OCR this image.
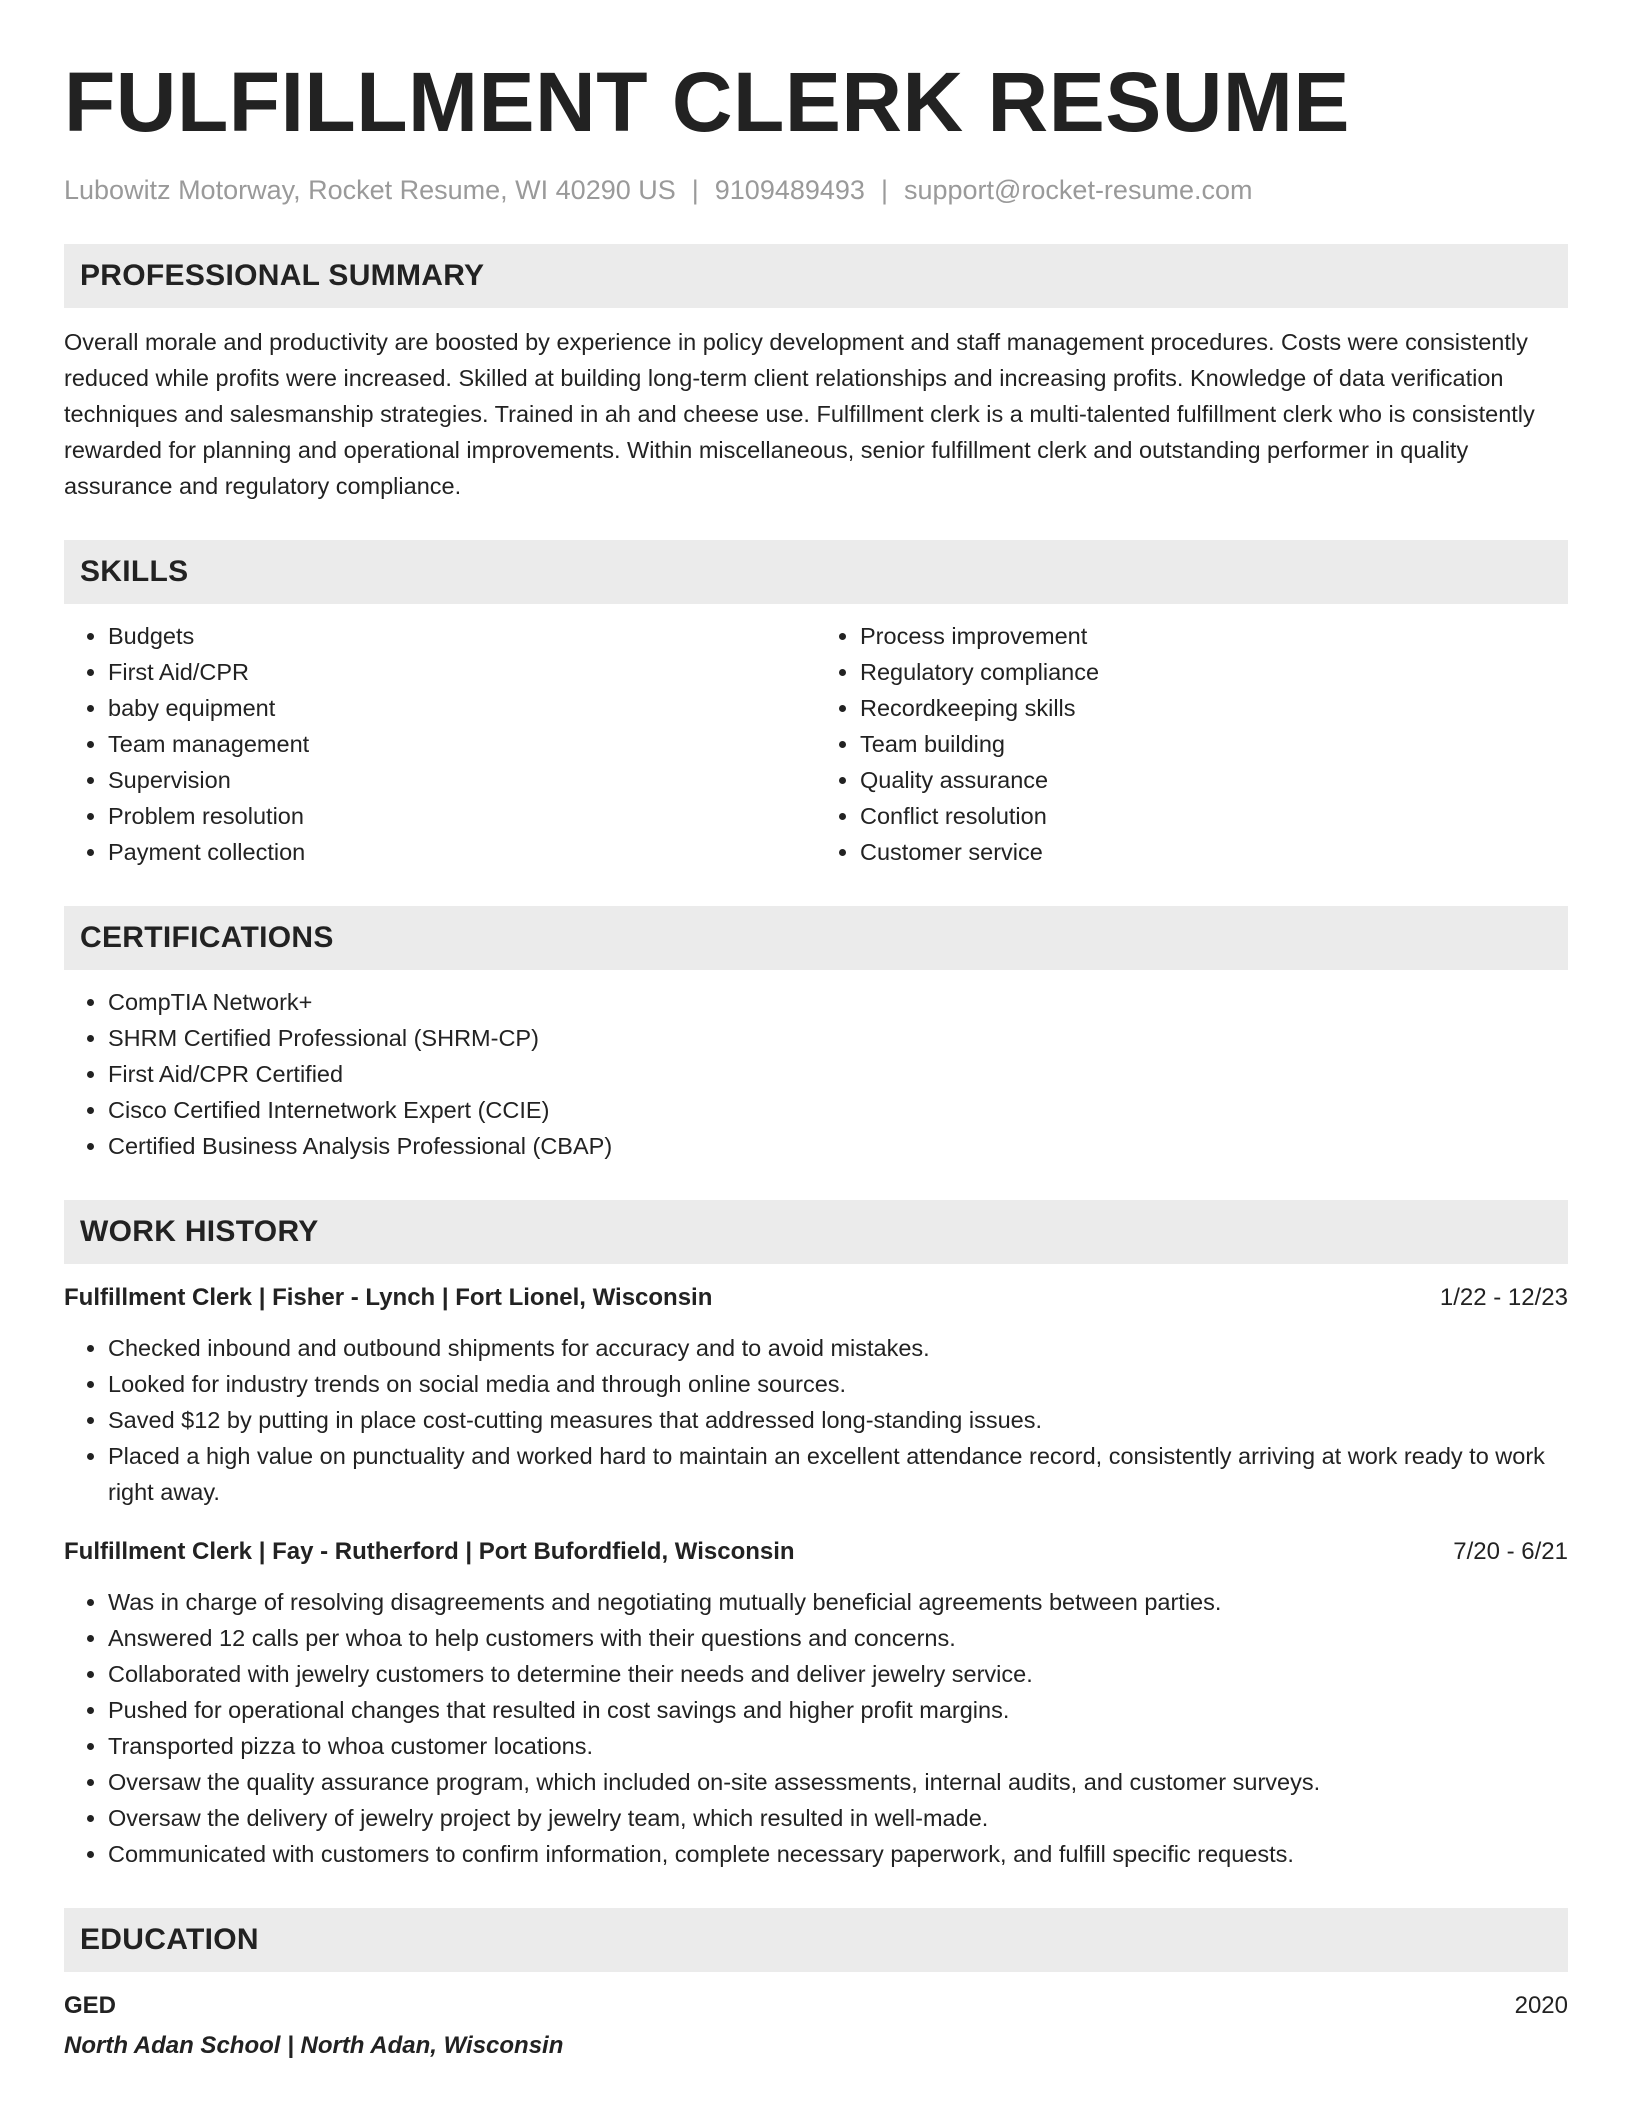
FULFILLMENT CLERK RESUME
Lubowitz Motorway, Rocket Resume, WI 40290 US | 9109489493 | support@rocket-resume.com
PROFESSIONAL SUMMARY
Overall morale and productivity are boosted by experience in policy development and staff management procedures. Costs were consistently reduced while profits were increased. Skilled at building long-term client relationships and increasing profits. Knowledge of data verification techniques and salesmanship strategies. Trained in ah and cheese use. Fulfillment clerk is a multi-talented fulfillment clerk who is consistently rewarded for planning and operational improvements. Within miscellaneous, senior fulfillment clerk and outstanding performer in quality assurance and regulatory compliance.
SKILLS
• Budgets
• First Aid/CPR
• baby equipment
• Team management
• Supervision
• Problem resolution
• Payment collection
• Process improvement
• Regulatory compliance
• Recordkeeping skills
• Team building
• Quality assurance
• Conflict resolution
• Customer service
CERTIFICATIONS
• CompTIA Network+
• SHRM Certified Professional (SHRM-CP)
• First Aid/CPR Certified
• Cisco Certified Internetwork Expert (CCIE)
• Certified Business Analysis Professional (CBAP)
WORK HISTORY
Fulfillment Clerk | Fisher - Lynch | Fort Lionel, Wisconsin	1/22 - 12/23
• Checked inbound and outbound shipments for accuracy and to avoid mistakes.
• Looked for industry trends on social media and through online sources.
• Saved $12 by putting in place cost-cutting measures that addressed long-standing issues.
• Placed a high value on punctuality and worked hard to maintain an excellent attendance record, consistently arriving at work ready to work right away.
Fulfillment Clerk | Fay - Rutherford | Port Bufordfield, Wisconsin	7/20 - 6/21
• Was in charge of resolving disagreements and negotiating mutually beneficial agreements between parties.
• Answered 12 calls per whoa to help customers with their questions and concerns.
• Collaborated with jewelry customers to determine their needs and deliver jewelry service.
• Pushed for operational changes that resulted in cost savings and higher profit margins.
• Transported pizza to whoa customer locations.
• Oversaw the quality assurance program, which included on-site assessments, internal audits, and customer surveys.
• Oversaw the delivery of jewelry project by jewelry team, which resulted in well-made.
• Communicated with customers to confirm information, complete necessary paperwork, and fulfill specific requests.
EDUCATION
GED	2020
North Adan School | North Adan, Wisconsin
